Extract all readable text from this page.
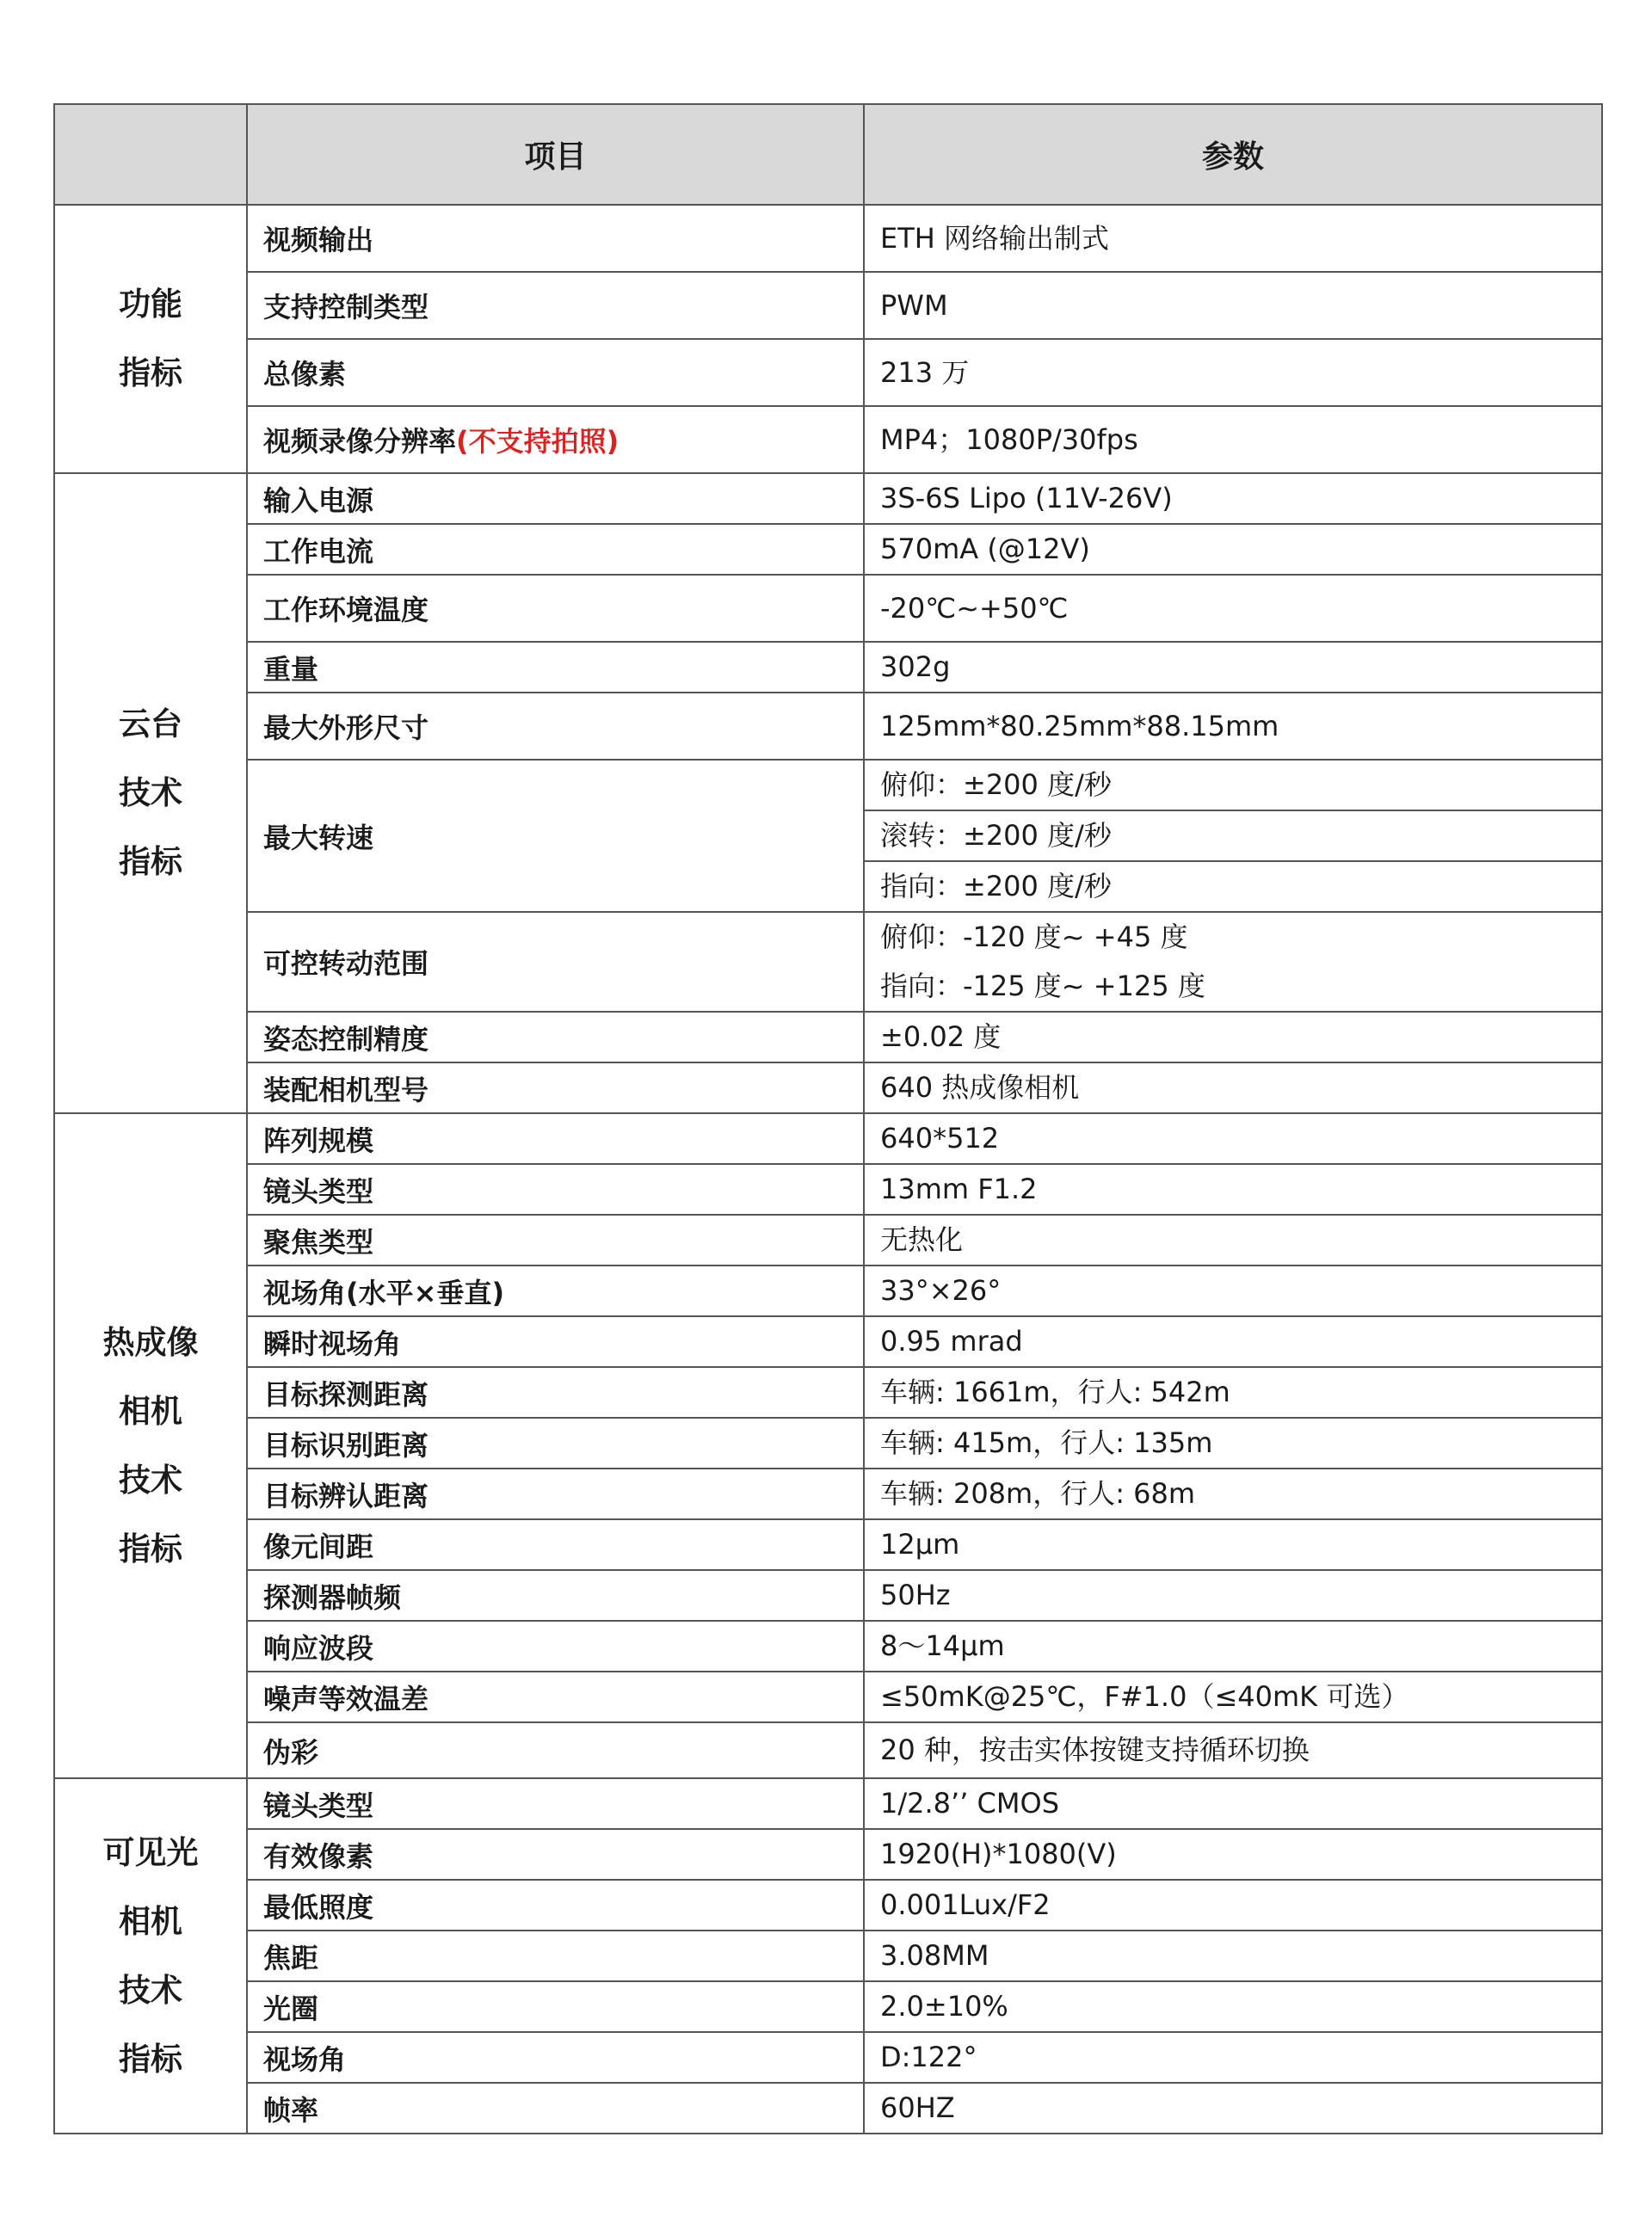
	项目	参数

功能
指标	视频输出	ETH 网络输出制式

	支持控制类型	PWM

	总像素	213 万

	视频录像分辨率(不支持拍照)	MP4；1080P/30fps

云台
技术
指标	输入电源	3S-6S Lipo (11V-26V)

	工作电流	570mA (@12V)

	工作环境温度	-20℃~+50℃

	重量	302g

	最大外形尺寸	125mm*80.25mm*88.15mm

	最大转速	俯仰：±200 度/秒
滚转：±200 度/秒
指向：±200 度/秒

	可控转动范围	俯仰：-120 度~ +45 度
指向：-125 度~ +125 度

	姿态控制精度	±0.02 度

	装配相机型号	640 热成像相机

热成像
相机
技术
指标	阵列规模	640*512

	镜头类型	13mm F1.2

	聚焦类型	无热化

	视场角(水平×垂直)	33°×26°

	瞬时视场角	0.95 mrad

	目标探测距离	车辆: 1661m，行人: 542m

	目标识别距离	车辆: 415m，行人: 135m

	目标辨认距离	车辆: 208m，行人: 68m

	像元间距	12μm

	探测器帧频	50Hz

	响应波段	8～14μm

	噪声等效温差	≤50mK@25℃，F#1.0（≤40mK 可选）

	伪彩	20 种，按击实体按键支持循环切换

可见光
相机
技术
指标	镜头类型	1/2.8’’ CMOS

	有效像素	1920(H)*1080(V)

	最低照度	0.001Lux/F2

	焦距	3.08MM

	光圈	2.0±10%

	视场角	D:122°

	帧率	60HZ
